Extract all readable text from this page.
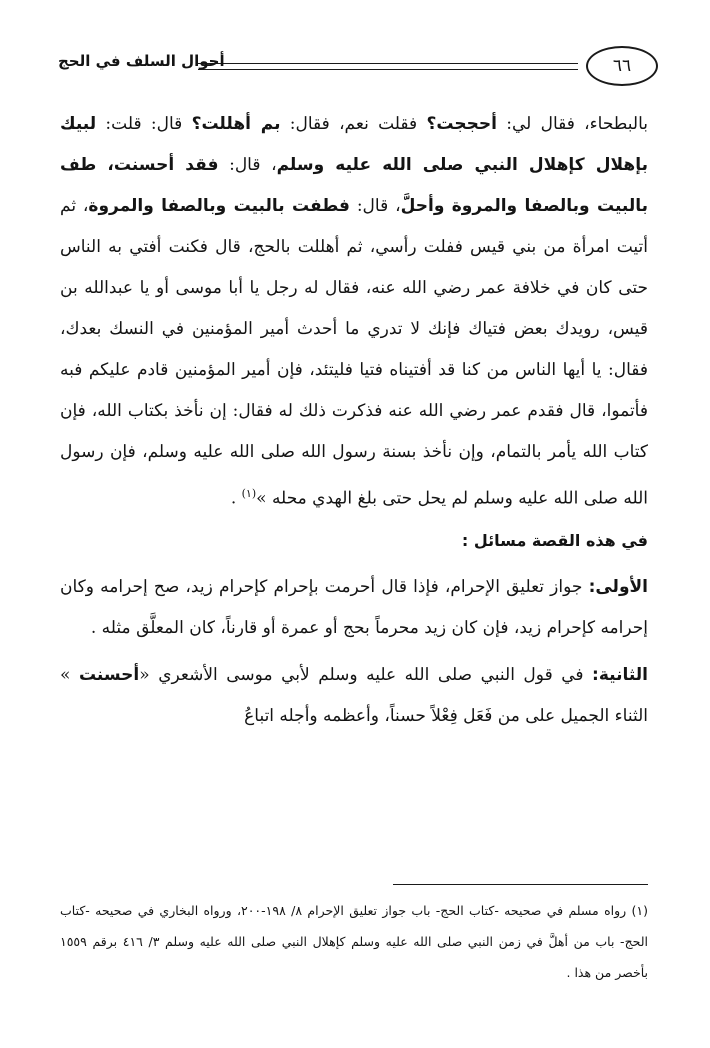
٦٦
أحوال السلف في الحج

بالبطحاء، فقال لي: أحججت؟ فقلت نعم، فقال: بم أهللت؟ قال: قلت: لبيك بإهلال كإهلال النبي صلى الله عليه وسلم، قال: فقد أحسنت، طف بالبيت وبالصفا والمروة وأحلَّ، قال: فطفت بالبيت وبالصفا والمروة، ثم أتيت امرأة من بني قيس ففلت رأسي، ثم أهللت بالحج، قال فكنت أفتي به الناس حتى كان في خلافة عمر رضي الله عنه، فقال له رجل يا أبا موسى أو يا عبدالله بن قيس، رويدك بعض فتياك فإنك لا تدري ما أحدث أمير المؤمنين في النسك بعدك، فقال: يا أيها الناس من كنا قد أفتيناه فتيا فليتئد، فإن أمير المؤمنين قادم عليكم فبه فأتموا، قال فقدم عمر رضي الله عنه فذكرت ذلك له فقال: إن نأخذ بكتاب الله، فإن كتاب الله يأمر بالتمام، وإن نأخذ بسنة رسول الله صلى الله عليه وسلم، فإن رسول الله صلى الله عليه وسلم لم يحل حتى بلغ الهدي محله »$^{(١)}$ .

في هذه القصة مسائل :

الأولى: جواز تعليق الإحرام، فإذا قال أحرمت بإحرام كإحرام زيد، صح إحرامه وكان إحرامه كإحرام زيد، فإن كان زيد محرماً بحج أو عمرة أو قارناً، كان المعلَّق مثله .

الثانية: في قول النبي صلى الله عليه وسلم لأبي موسى الأشعري «أحسنت » الثناء الجميل على من فَعَل فِعْلاً حسناً، وأعظمه وأجله اتباعُ

(١) رواه مسلم في صحيحه -كتاب الحج- باب جواز تعليق الإحرام ٨/ ١٩٨-٢٠٠، ورواه البخاري في صحيحه -كتاب الحج- باب من أهلَّ في زمن النبي صلى الله عليه وسلم كإهلال النبي صلى الله عليه وسلم ٣/ ٤١٦ برقم ١٥٥٩ بأخصر من هذا .
